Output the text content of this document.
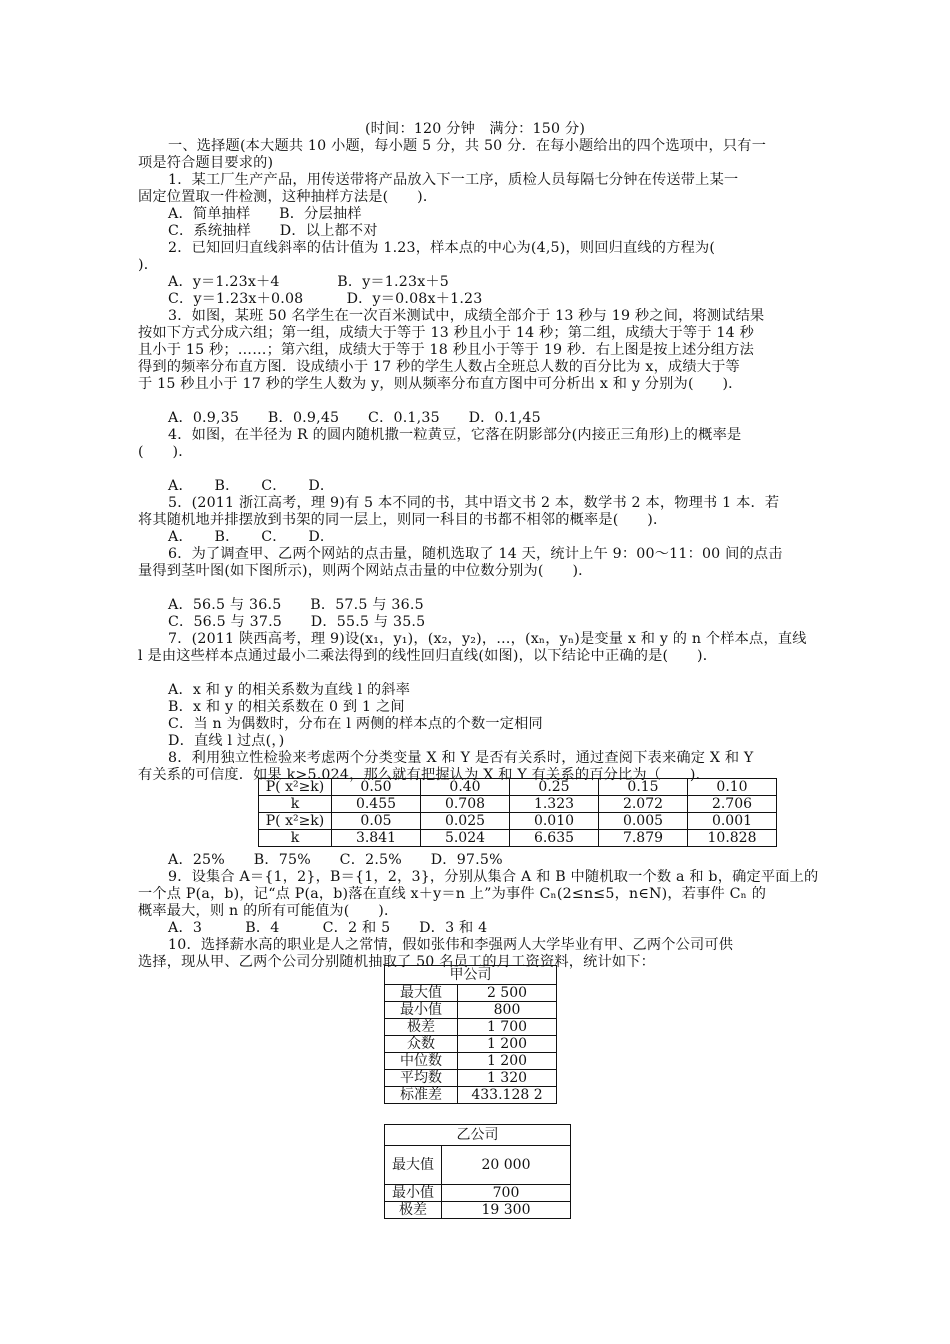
(时间：120 分钟　满分：150 分)
一、选择题(本大题共 10 小题，每小题 5 分，共 50 分．在每小题给出的四个选项中，只有一
项是符合题目要求的)
1．某工厂生产产品，用传送带将产品放入下一工序，质检人员每隔七分钟在传送带上某一
固定位置取一件检测，这种抽样方法是(　　)．
A．简单抽样　　B．分层抽样
C．系统抽样　　D．以上都不对
2．已知回归直线斜率的估计值为 1.23，样本点的中心为(4,5)，则回归直线的方程为(
)．
A．y＝1.23x＋4　　　　B．y＝1.23x＋5
C．y＝1.23x＋0.08　　　D．y＝0.08x＋1.23
3．如图，某班 50 名学生在一次百米测试中，成绩全部介于 13 秒与 19 秒之间，将测试结果
按如下方式分成六组；第一组，成绩大于等于 13 秒且小于 14 秒；第二组，成绩大于等于 14 秒
且小于 15 秒；……；第六组，成绩大于等于 18 秒且小于等于 19 秒．右上图是按上述分组方法
得到的频率分布直方图．设成绩小于 17 秒的学生人数占全班总人数的百分比为 x，成绩大于等
于 15 秒且小于 17 秒的学生人数为 y，则从频率分布直方图中可分析出 x 和 y 分别为(　　)．
A．0.9,35　　B．0.9,45　　C．0.1,35　　D．0.1,45
4．如图，在半径为 R 的圆内随机撒一粒黄豆，它落在阴影部分(内接正三角形)上的概率是
(　　)．
A．　　B．　　C．　　D．
5．(2011 浙江高考，理 9)有 5 本不同的书，其中语文书 2 本，数学书 2 本，物理书 1 本．若
将其随机地并排摆放到书架的同一层上，则同一科目的书都不相邻的概率是(　　)．
A．　　B．　　C．　　D．
6．为了调查甲、乙两个网站的点击量，随机选取了 14 天，统计上午 9：00～11：00 间的点击
量得到茎叶图(如下图所示)，则两个网站点击量的中位数分别为(　　)．
A．56.5 与 36.5　　B．57.5 与 36.5
C．56.5 与 37.5　　D．55.5 与 35.5
7．(2011 陕西高考，理 9)设(x₁，y₁)，(x₂，y₂)，…，(xₙ，yₙ)是变量 x 和 y 的 n 个样本点，直线
l 是由这些样本点通过最小二乘法得到的线性回归直线(如图)，以下结论中正确的是(　　)．
A．x 和 y 的相关系数为直线 l 的斜率
B．x 和 y 的相关系数在 0 到 1 之间
C．当 n 为偶数时，分布在 l 两侧的样本点的个数一定相同
D．直线 l 过点(，)
8．利用独立性检验来考虑两个分类变量 X 和 Y 是否有关系时，通过查阅下表来确定 X 和 Y
有关系的可信度．如果 k>5.024，那么就有把握认为 X 和 Y 有关系的百分比为（　　)．
P( x²≥k)	0.50	0.40	0.25	0.15	0.10
k	0.455	0.708	1.323	2.072	2.706
P( x²≥k)	0.05	0.025	0.010	0.005	0.001
k	3.841	5.024	6.635	7.879	10.828
A．25%　　B．75%　　C．2.5%　　D．97.5%
9．设集合 A＝{1，2}，B＝{1，2，3}，分别从集合 A 和 B 中随机取一个数 a 和 b，确定平面上的
一个点 P(a，b)，记“点 P(a，b)落在直线 x＋y＝n 上”为事件 Cₙ(2≤n≤5，n∈N)，若事件 Cₙ 的
概率最大，则 n 的所有可能值为(　　)．
A．3　　　B．4　　　C．2 和 5　　D．3 和 4
10．选择薪水高的职业是人之常情，假如张伟和李强两人大学毕业有甲、乙两个公司可供
选择，现从甲、乙两个公司分别随机抽取了 50 名员工的月工资资料，统计如下：
甲公司	
最大值	2 500
最小值	800
极差	1 700
众数	1 200
中位数	1 200
平均数	1 320
标准差	433.128 2
乙公司	
最大值	20 000
最小值	700
极差	19 300
